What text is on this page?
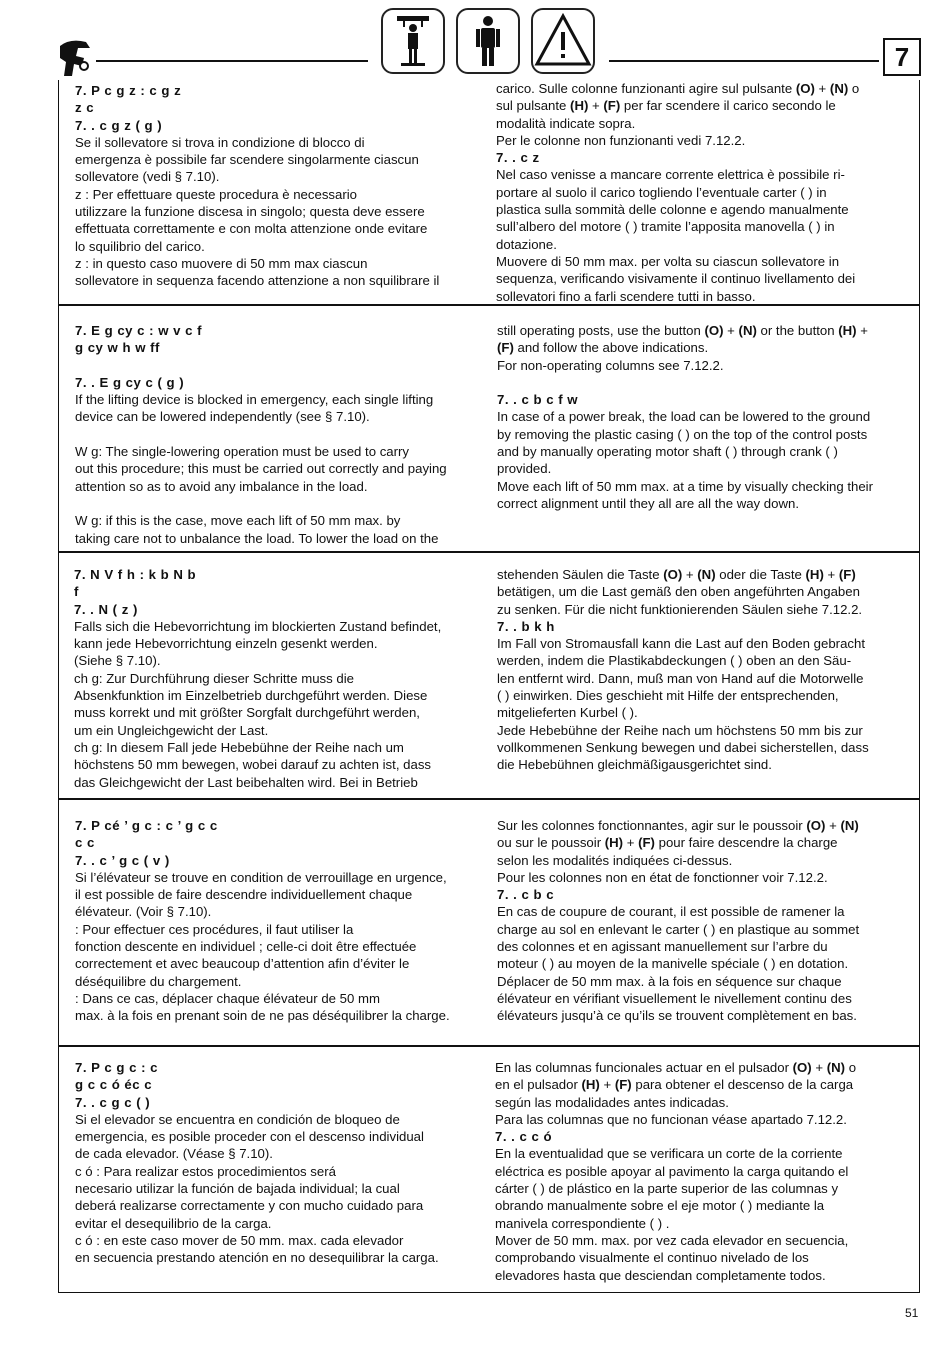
7

7. P c g z : c g z

z c

7. . c g z ( g )

Se il sollevatore si trova in condizione di blocco di

emergenza è possibile far scendere singolarmente ciascun

sollevatore (vedi § 7.10).

z : Per effettuare queste procedura è necessario

utilizzare la funzione discesa in singolo; questa deve essere

effettuata correttamente e con molta attenzione onde evitare

lo squilibrio del carico.

z : in questo caso muovere di 50 mm max ciascun

sollevatore in sequenza facendo attenzione a non squilibrare il

carico. Sulle colonne funzionanti agire sul pulsante (O) + (N) o

sul pulsante (H) + (F) per far scendere il carico secondo le

modalità indicate sopra.

Per le colonne non funzionanti vedi 7.12.2.

7. . c z

Nel caso venisse a mancare corrente elettrica è possibile ri-

portare al suolo il carico togliendo l’eventuale carter ( ) in

plastica sulla sommità delle colonne e agendo manualmente

sull’albero del motore ( ) tramite l’apposita manovella ( ) in

dotazione.

Muovere di 50 mm max. per volta su ciascun sollevatore in

sequenza, verificando visivamente il continuo livellamento dei

sollevatori fino a farli scendere tutti in basso.

7. E g cy c : w v c f

g cy w h w ff

7. . E g cy c ( g )

If the lifting device is blocked in emergency, each single lifting

device can be lowered independently (see § 7.10).

W g: The single-lowering operation must be used to carry

out this procedure; this must be carried out correctly and paying

attention so as to avoid any imbalance in the load.

W g: if this is the case, move each lift of 50 mm max. by

taking care not to unbalance the load. To lower the load on the

still operating posts, use the button (O) + (N) or the button (H) +

(F) and follow the above indications.

For non-operating columns see 7.12.2.

7. . c b c f w

In case of a power break, the load can be lowered to the ground

by removing the plastic casing ( ) on the top of the control posts

and by manually operating motor shaft ( ) through crank ( )

provided.

Move each lift of 50 mm max. at a time by visually checking their

correct alignment until they all are all the way down.

7. N V f h : k b N b

f

7. . N ( z )

Falls sich die Hebevorrichtung im blockierten Zustand befindet,

kann jede Hebevorrichtung einzeln gesenkt werden.

(Siehe § 7.10).

ch g: Zur Durchführung dieser Schritte muss die

Absenkfunktion im Einzelbetrieb durchgeführt werden. Diese

muss korrekt und mit größter Sorgfalt durchgeführt werden,

um ein Ungleichgewicht der Last.

ch g: In diesem Fall jede Hebebühne der Reihe nach um

höchstens 50 mm bewegen, wobei darauf zu achten ist, dass

das Gleichgewicht der Last beibehalten wird. Bei in Betrieb

stehenden Säulen die Taste (O) + (N) oder die Taste (H) + (F)

betätigen, um die Last gemäß den oben angeführten Angaben

zu senken. Für die nicht funktionierenden Säulen siehe 7.12.2.

7. . b k h

Im Fall von Stromausfall kann die Last auf den Boden gebracht

werden, indem die Plastikabdeckungen ( ) oben an den Säu-

len entfernt wird. Dann, muß man von Hand auf die Motorwelle

( ) einwirken. Dies geschieht mit Hilfe der entsprechenden,

mitgelieferten Kurbel ( ).

Jede Hebebühne der Reihe nach um höchstens 50 mm bis zur

vollkommenen Senkung bewegen und dabei sicherstellen, dass

die Hebebühnen gleichmäßigausgerichtet sind.

7. P cé ’ g c : c ’ g c c

c c

7. . c ’ g c ( v )

Si l’élévateur se trouve en condition de verrouillage en urgence,

il est possible de faire descendre individuellement chaque

élévateur. (Voir § 7.10).

: Pour effectuer ces procédures, il faut utiliser la

fonction descente en individuel ; celle-ci doit être effectuée

correctement et avec beaucoup d’attention afin d’éviter le

déséquilibre du chargement.

: Dans ce cas, déplacer chaque élévateur de 50 mm

max. à la fois en prenant soin de ne pas déséquilibrer la charge.

Sur les colonnes fonctionnantes, agir sur le poussoir (O) + (N)

ou sur le poussoir (H) + (F) pour faire descendre la charge

selon les modalités indiquées ci-dessus.

Pour les colonnes non en état de fonctionner voir 7.12.2.

7. . c b c

En cas de coupure de courant, il est possible de ramener la

charge au sol en enlevant le carter ( ) en plastique au sommet

des colonnes et en agissant manuellement sur l’arbre du

moteur ( ) au moyen de la manivelle spéciale ( ) en dotation.

Déplacer de 50 mm max. à la fois en séquence sur chaque

élévateur en vérifiant visuellement le nivellement continu des

élévateurs jusqu’à ce qu’ils se trouvent complètement en bas.

7. P c g c : c

g c c ó éc c

7. . c g c ( )

Si el elevador se encuentra en condición de bloqueo de

emergencia, es posible proceder con el descenso individual

de cada elevador. (Véase § 7.10).

c ó : Para realizar estos procedimientos será

necesario utilizar la función de bajada individual; la cual

deberá realizarse correctamente y con mucho cuidado para

evitar el desequilibrio de la carga.

c ó : en este caso mover de 50 mm. max. cada elevador

en secuencia prestando atención en no desequilibrar la carga.

En las columnas funcionales actuar en el pulsador (O) + (N) o

en el pulsador (H) + (F) para obtener el descenso de la carga

según las modalidades antes indicadas.

Para las columnas que no funcionan véase apartado 7.12.2.

7. . c c ó

En la eventualidad que se verificara un corte de la corriente

eléctrica es posible apoyar al pavimento la carga quitando el

cárter ( ) de plástico en la parte superior de las columnas y

obrando manualmente sobre el eje motor ( ) mediante la

manivela correspondiente ( ) .

Mover de 50 mm. max. por vez cada elevador en secuencia,

comprobando visualmente el continuo nivelado de los

elevadores hasta que desciendan completamente todos.

51
